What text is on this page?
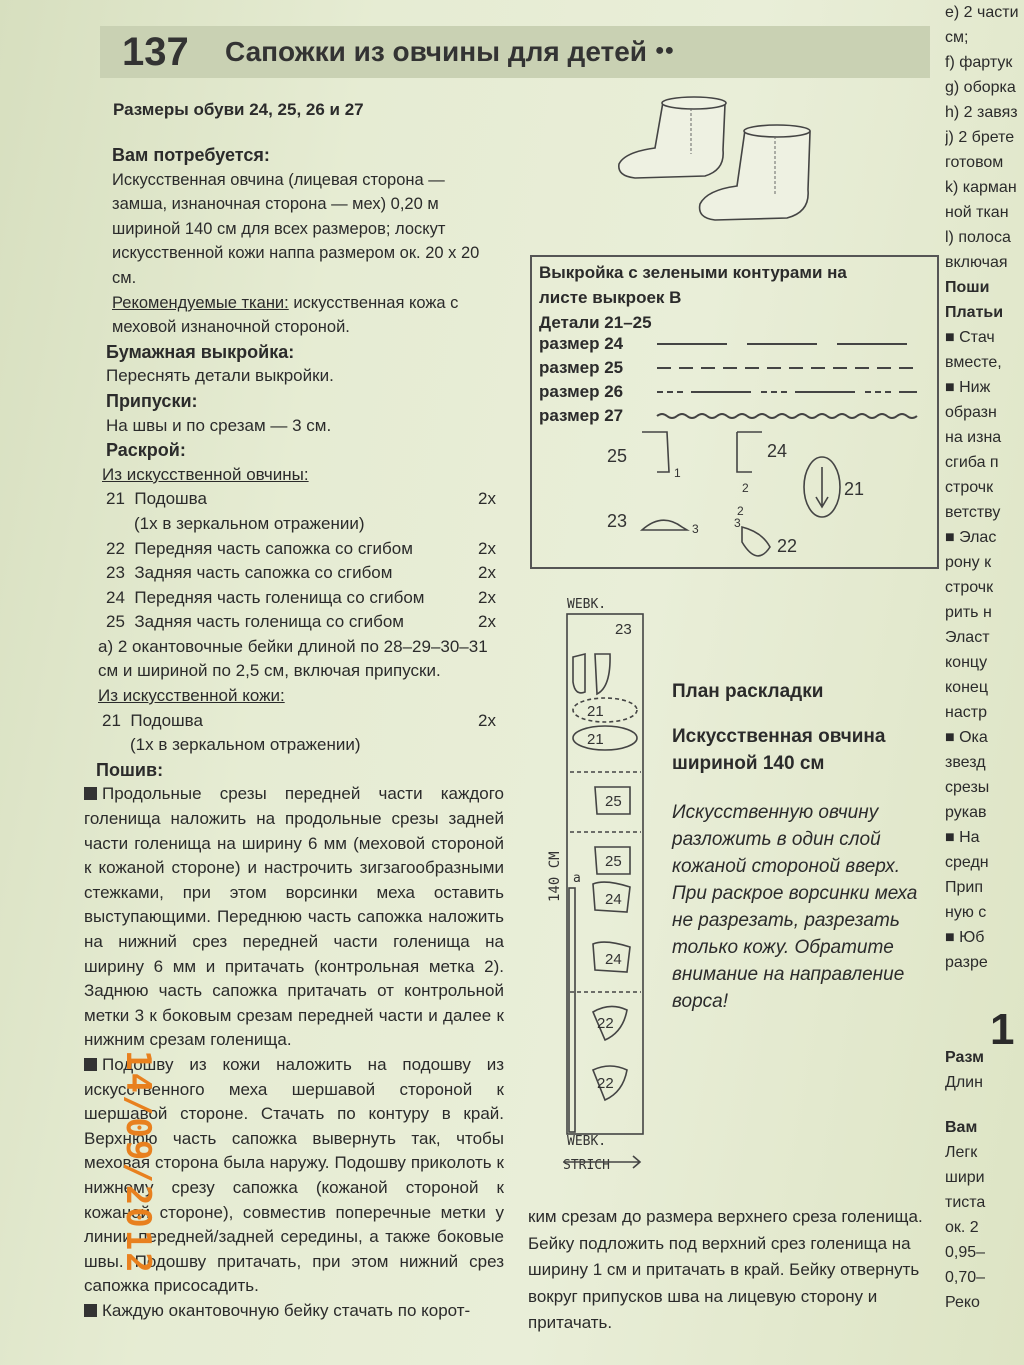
137 Сапожки из овчины для детей ●●
Размеры обуви 24, 25, 26 и 27

Вам потребуется:

Искусственная овчина (лицевая сторона — замша, изнаночная сторона — мех) 0,20 м шириной 140 см для всех размеров; лоскут искусственной кожи наппа размером ок. 20 х 20 см.

Рекомендуемые ткани: искусственная кожа с меховой изнаночной стороной.

Бумажная выкройка:

Переснять детали выкройки.

Припуски:

На швы и по срезам — 3 см.

Раскрой:

Из искусственной овчины:

21 Подошва	2х
(1х в зеркальном отражении)
22 Передняя часть сапожка со сгибом	2х
23 Задняя часть сапожка со сгибом	2х
24 Передняя часть голенища со сгибом	2х
25 Задняя часть голенища со сгибом	2х

a) 2 окантовочные бейки длиной по 28–29–30–31 см и шириной по 2,5 см, включая припуски.

Из искусственной кожи:

21 Подошва	2х
(1х в зеркальном отражении)

Пошив:

Продольные срезы передней части каждого голенища наложить на продольные срезы задней части голенища на ширину 6 мм (меховой стороной к кожаной стороне) и настрочить зигзагообразными стежками, при этом ворсинки меха оставить выступающими. Переднюю часть сапожка наложить на нижний срез передней части голенища на ширину 6 мм и притачать (контрольная метка 2). Заднюю часть сапожка притачать от контрольной метки 3 к боковым срезам передней части и далее к нижним срезам голенища.

Подошву из кожи наложить на подошву из искусственного меха шершавой стороной к шершавой стороне. Стачать по контуру в край. Верхнюю часть сапожка вывернуть так, чтобы меховая сторона была наружу. Подошву приколоть к нижнему срезу сапожка (кожаной стороной к кожаной стороне), совместив поперечные метки у линии передней/задней середины, а также боковые швы. Подошву притачать, при этом нижний срез сапожка присосадить.

Каждую окантовочную бейку стачать по корот-

Выкройка с зелеными контурами на листе выкроек В
Детали 21–25
размер 24
размер 25
размер 26
размер 27
25
1
24
2	21
23	3
2
3
22
WEBK.
WEBK.
STRICH
140 CM a
23
21
21
25
25
24
24
22
22
План раскладки
Искусственная овчина шириной 140 см
Искусственную овчину разложить в один слой кожаной стороной вверх. При раскрое ворсинки меха не разрезать, разрезать только кожу. Обратите внимание на направление ворса!
ким срезам до размера верхнего среза голенища. Бейку подложить под верхний срез голенища на ширину 1 см и притачать в край. Бейку отвернуть вокруг припусков шва на лицевую сторону и притачать.
е) 2 части
см;
f) фартук
g) оборка
h) 2 завяз
j) 2 брете
готовом
k) карман
ной ткан
l) полоса
включая
Поши
Платьи
■ Стач
вместе,
■ Ниж
образн
на изна
сгиба п
строчк
ветству
■ Элас
рону к
строчк
рить н
Эласт
концу
конец
настр
■ Ока
звезд
срезы
рукав
■ На
средн
Прип
ную с
■ Юб
разре
Разм
Длин
Вам
Легк
шири
тиста
ок. 2
0,95–
0,70–
Реко
1
14/09/2012
